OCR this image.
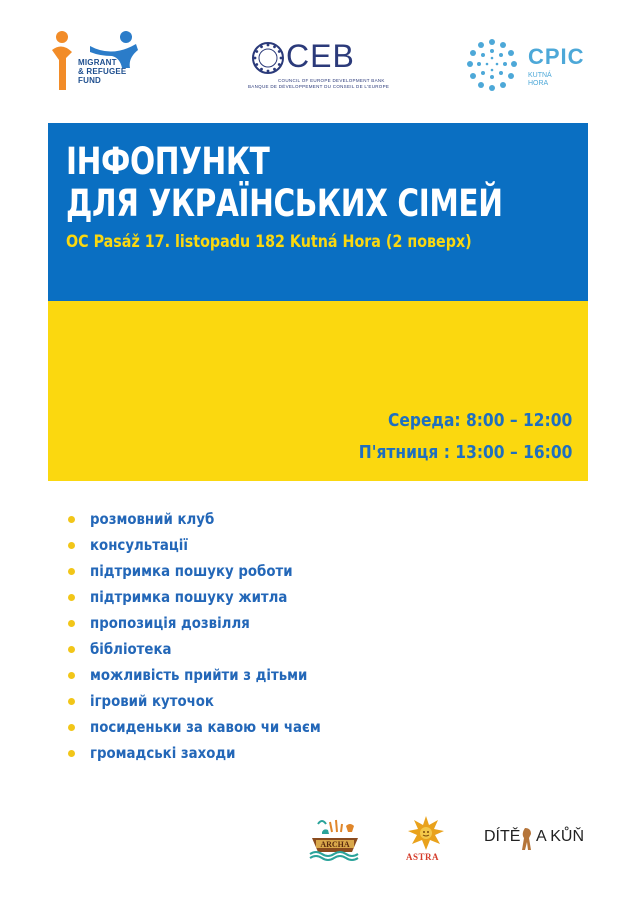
MIGRANT
& REFUGEE
FUND
CEB
COUNCIL OF EUROPE DEVELOPMENT BANK
BANQUE DE DÉVELOPPEMENT DU CONSEIL DE L'EUROPE
CPIC
KUTNÁ
HORA
ІНФОПУНКТ
ДЛЯ УКРАЇНСЬКИХ СІМЕЙ
OC Pasáž 17. listopadu 182 Kutná Hora (2 поверх)
Середа: 8:00 – 12:00
П'ятниця : 13:00 – 16:00
розмовний клуб
консультації
підтримка пошуку роботи
підтримка пошуку житла
пропозиція дозвілля
бібліотека
можливість прийти з дітьми
ігровий куточок
посиденьки за кавою чи чаєм
громадські заходи
ARCHA
ASTRA
DÍTĚ A KŮŇ
